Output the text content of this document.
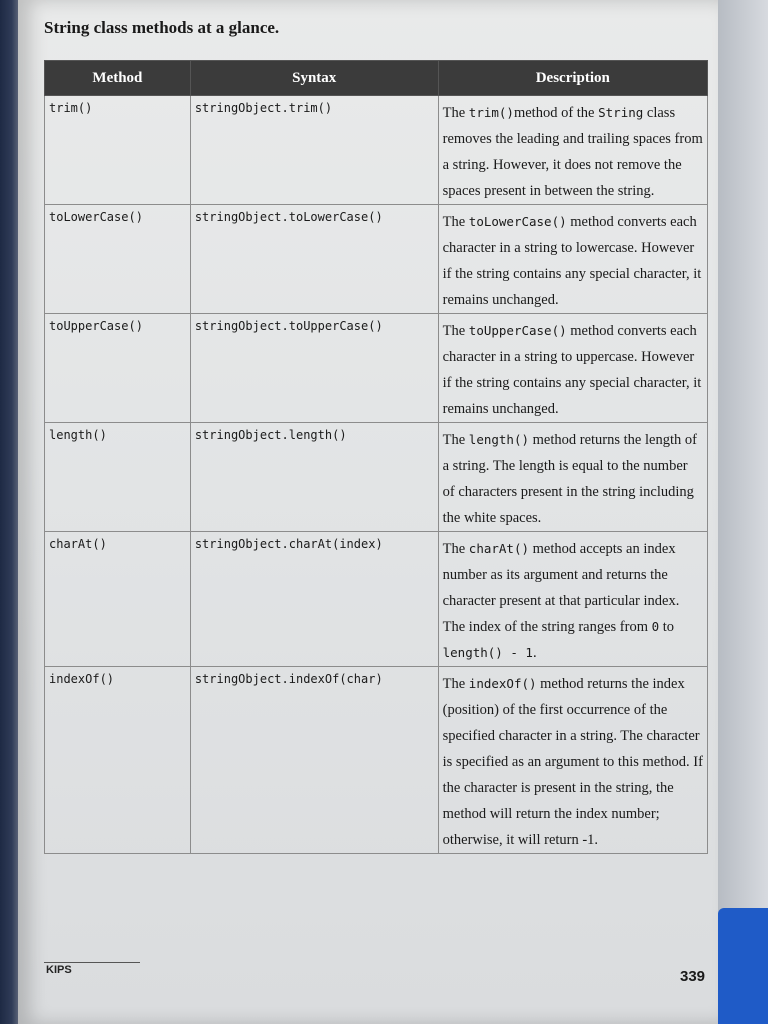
String class methods at a glance.
Method	Syntax	Description
trim()	stringObject.trim()	The trim()method of the String class removes the leading and trailing spaces from a string. However, it does not remove the spaces present in between the string.
toLowerCase()	stringObject.toLowerCase()	The toLowerCase() method converts each character in a string to lowercase. However if the string contains any special character, it remains unchanged.
toUpperCase()	stringObject.toUpperCase()	The toUpperCase() method converts each character in a string to uppercase. However if the string contains any special character, it remains unchanged.
length()	stringObject.length()	The length() method returns the length of a string. The length is equal to the number of characters present in the string including the white spaces.
charAt()	stringObject.charAt(index)	The charAt() method accepts an index number as its argument and returns the character present at that particular index. The index of the string ranges from 0 to length() - 1.
indexOf()	stringObject.indexOf(char)	The indexOf() method returns the index (position) of the first occurrence of the specified character in a string. The character is specified as an argument to this method. If the character is present in the string, the method will return the index number; otherwise, it will return -1.
KIPS	339
